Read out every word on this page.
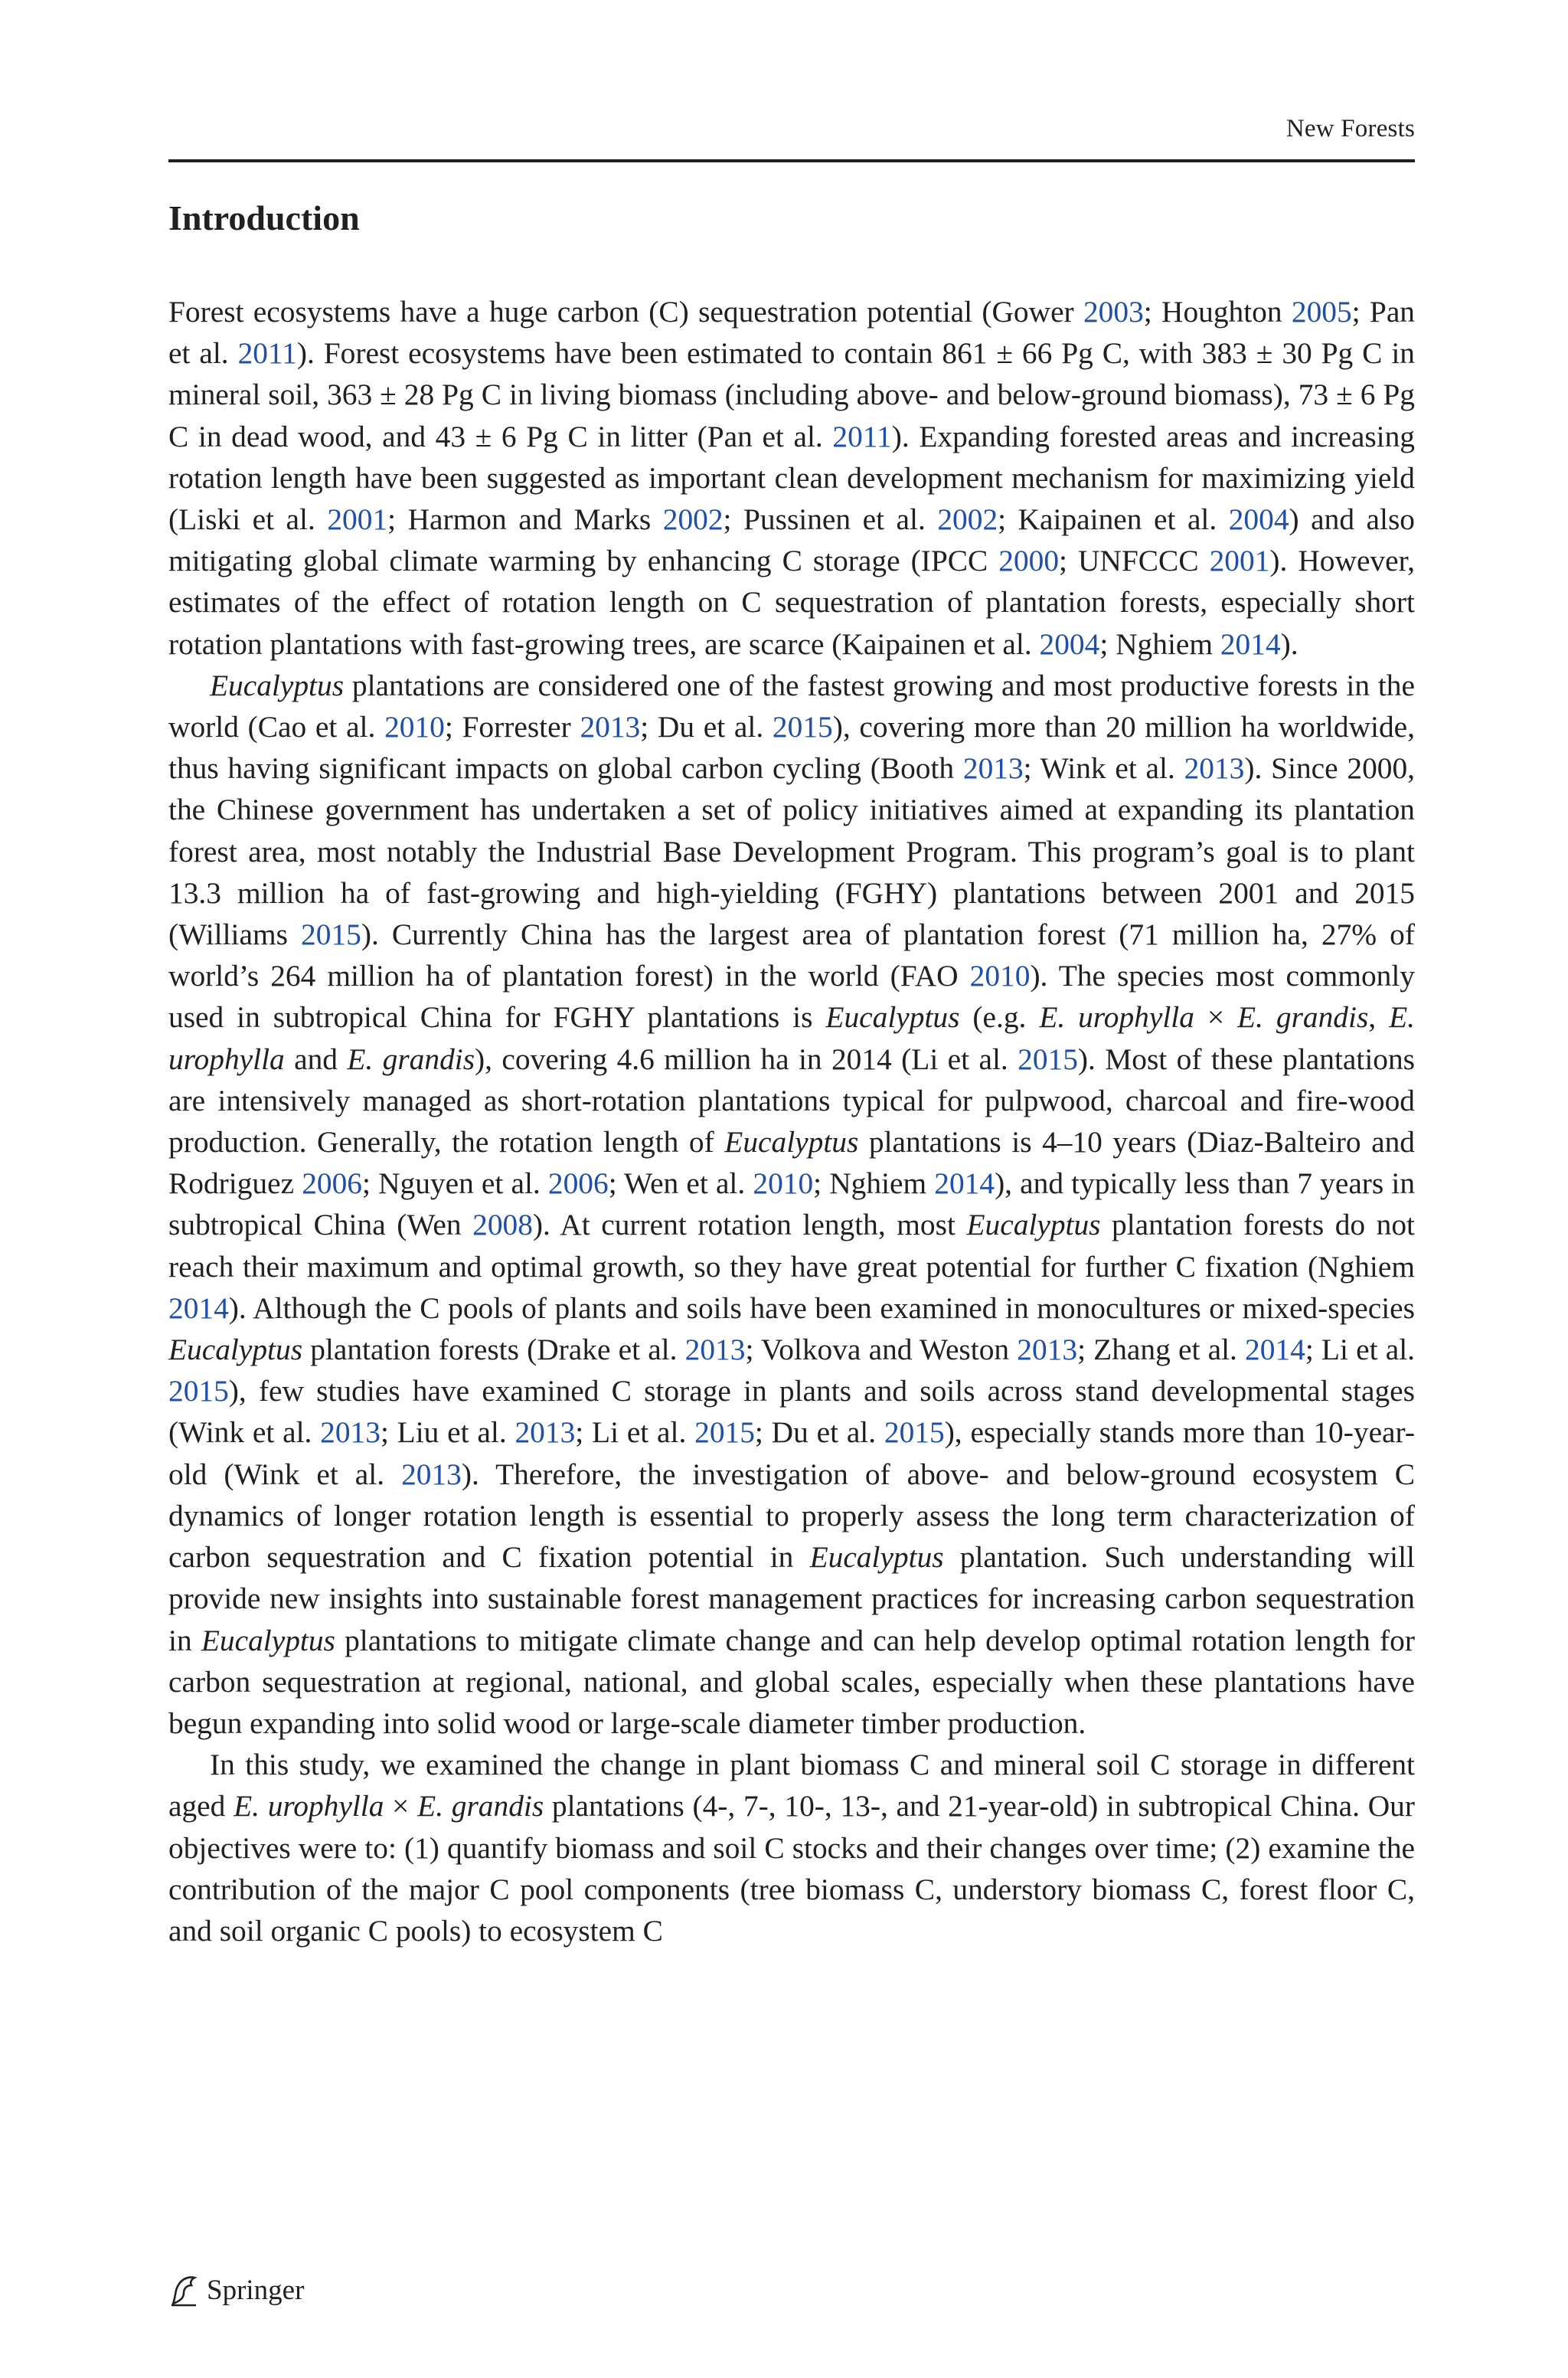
New Forests
Introduction

Forest ecosystems have a huge carbon (C) sequestration potential (Gower 2003; Houghton 2005; Pan et al. 2011). Forest ecosystems have been estimated to contain 861 ± 66 Pg C, with 383 ± 30 Pg C in mineral soil, 363 ± 28 Pg C in living biomass (including above- and below-ground biomass), 73 ± 6 Pg C in dead wood, and 43 ± 6 Pg C in litter (Pan et al. 2011). Expanding forested areas and increasing rotation length have been suggested as important clean development mechanism for maximizing yield (Liski et al. 2001; Harmon and Marks 2002; Pussinen et al. 2002; Kaipainen et al. 2004) and also mitigating global climate warming by enhancing C storage (IPCC 2000; UNFCCC 2001). However, estimates of the effect of rotation length on C sequestration of plantation forests, especially short rotation plantations with fast-growing trees, are scarce (Kaipainen et al. 2004; Nghiem 2014).

Eucalyptus plantations are considered one of the fastest growing and most productive forests in the world (Cao et al. 2010; Forrester 2013; Du et al. 2015), covering more than 20 million ha worldwide, thus having significant impacts on global carbon cycling (Booth 2013; Wink et al. 2013). Since 2000, the Chinese government has undertaken a set of policy initiatives aimed at expanding its plantation forest area, most notably the Industrial Base Development Program. This program’s goal is to plant 13.3 million ha of fast-growing and high-yielding (FGHY) plantations between 2001 and 2015 (Williams 2015). Currently China has the largest area of plantation forest (71 million ha, 27% of world’s 264 million ha of plantation forest) in the world (FAO 2010). The species most commonly used in subtropical China for FGHY plantations is Eucalyptus (e.g. E. urophylla × E. grandis, E. urophylla and E. grandis), covering 4.6 million ha in 2014 (Li et al. 2015). Most of these plantations are intensively managed as short-rotation plantations typical for pulpwood, charcoal and fire-wood production. Generally, the rotation length of Eucalyptus plantations is 4–10 years (Diaz-Balteiro and Rodriguez 2006; Nguyen et al. 2006; Wen et al. 2010; Nghiem 2014), and typically less than 7 years in subtropical China (Wen 2008). At current rotation length, most Eucalyptus plantation forests do not reach their maximum and optimal growth, so they have great potential for further C fixation (Nghiem 2014). Although the C pools of plants and soils have been examined in monocultures or mixed-species Eucalyptus plantation forests (Drake et al. 2013; Volkova and Weston 2013; Zhang et al. 2014; Li et al. 2015), few studies have examined C storage in plants and soils across stand developmental stages (Wink et al. 2013; Liu et al. 2013; Li et al. 2015; Du et al. 2015), especially stands more than 10-year-old (Wink et al. 2013). Therefore, the investigation of above- and below-ground ecosystem C dynamics of longer rotation length is essential to properly assess the long term characterization of carbon sequestration and C fixation potential in Eucalyptus plantation. Such understanding will provide new insights into sustainable forest management practices for increasing carbon sequestration in Eucalyptus plantations to mitigate climate change and can help develop optimal rotation length for carbon sequestration at regional, national, and global scales, especially when these plantations have begun expanding into solid wood or large-scale diameter timber production.

In this study, we examined the change in plant biomass C and mineral soil C storage in different aged E. urophylla × E. grandis plantations (4-, 7-, 10-, 13-, and 21-year-old) in subtropical China. Our objectives were to: (1) quantify biomass and soil C stocks and their changes over time; (2) examine the contribution of the major C pool components (tree biomass C, understory biomass C, forest floor C, and soil organic C pools) to ecosystem C

Springer
